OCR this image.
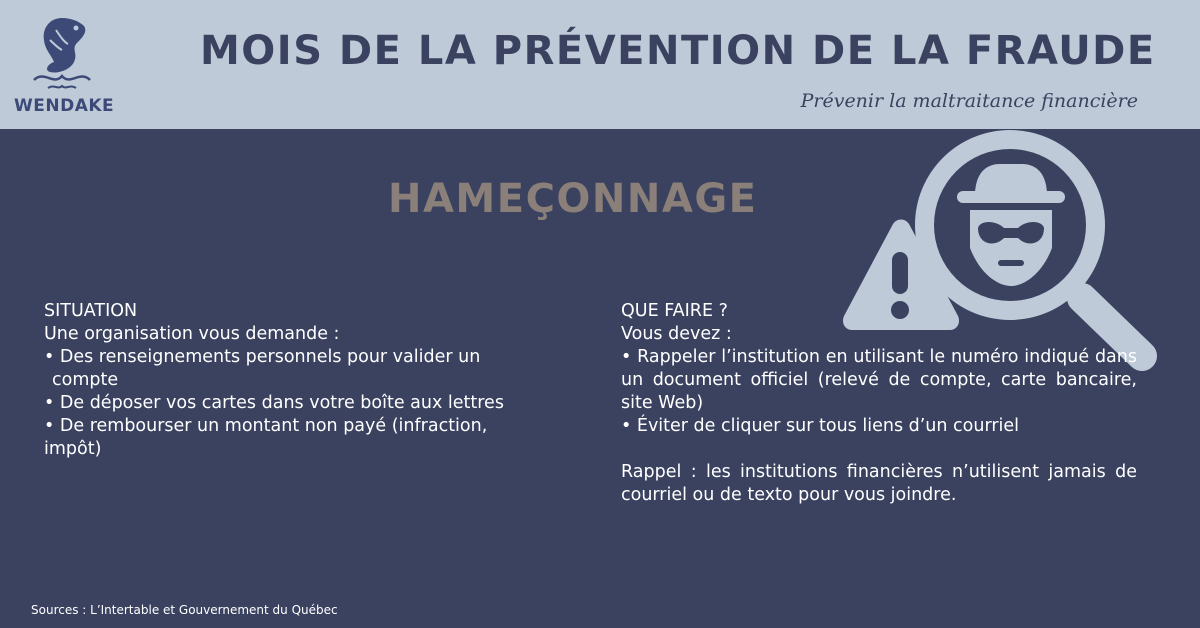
WENDAKE
MOIS DE LA PRÉVENTION DE LA FRAUDE
Prévenir la maltraitance financière
HAMEÇONNAGE

SITUATION

Une organisation vous demande :

• Des renseignements personnels pour valider un

compte

• De déposer vos cartes dans votre boîte aux lettres

• De rembourser un montant non payé (infraction,

impôt)

QUE FAIRE ?

Vous devez :

• Rappeler l’institution en utilisant le numéro indiqué dans un document officiel (relevé de compte, carte bancaire, site Web)

• Éviter de cliquer sur tous liens d’un courriel

Rappel : les institutions financières n’utilisent jamais de courriel ou de texto pour vous joindre.

Sources : L’Intertable et Gouvernement du Québec
